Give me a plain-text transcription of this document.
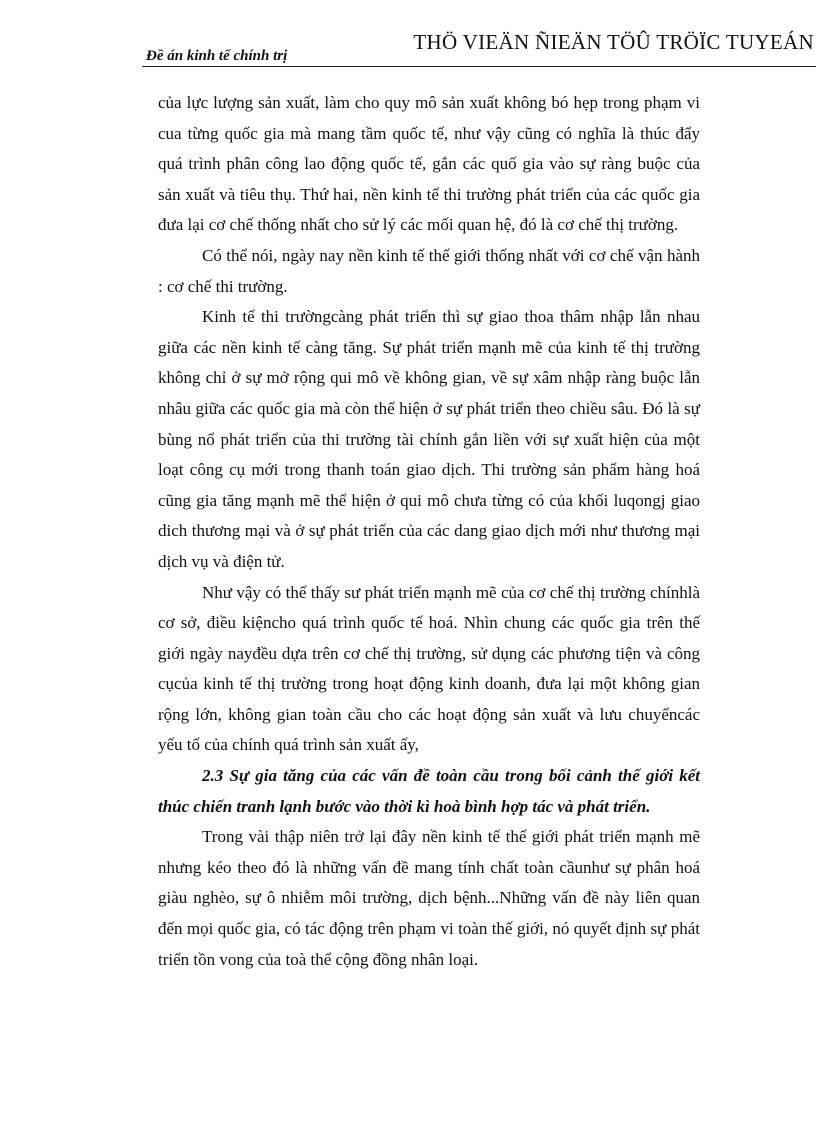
Đề án kinh tế chính trị
THÖ VIEÄN ÑIEÄN TÖÛ TRÖÏC TUYEÁN

của lực lượng sản xuất, làm cho quy mô sản xuất không bó hẹp trong phạm vi cua từng quốc gia mà mang tầm quốc tế, như vậy cũng có nghĩa là thúc đẩy quá trình phân công lao động quốc tế, gắn các quố gia vào sự ràng buộc của sản xuất và tiêu thụ. Thứ hai, nền kinh tế thi trường phát triển của các quốc gia đưa lại cơ chế thống nhất cho sử lý các mối quan hệ, đó là cơ chế thị trường.

Có thể nói, ngày nay nền kinh tế thế giới thống nhất với cơ chế vận hành : cơ chế thi trường.

Kinh tế thi trườngcàng phát triển thì sự giao thoa thâm nhập lẫn nhau giữa các nền kinh tế càng tăng. Sự phát triển mạnh mẽ của kinh tế thị trường không chỉ ở sự mở rộng qui mô về không gian, về sự xâm nhập ràng buộc lẫn nhâu giữa các quốc gia mà còn thể hiện ở sự phát triển theo chiều sâu. Đó là sự bùng nổ phát triển của thi trường tài chính gắn liền với sự xuất hiện của một loạt công cụ mới trong thanh toán giao dịch. Thi trường sản phẩm hàng hoá cũng gia tăng mạnh mẽ thể hiện ở qui mô chưa từng có của khối luqongj giao dich thương mại và ở sự phát triển của các dang giao dịch mới như thương mại dịch vụ và điện tử.

Như vậy có thể thấy sư phát triển mạnh mẽ của cơ chế thị trường chínhlà cơ sở, điều kiệncho quá trình quốc tế hoá. Nhìn chung các quốc gia trên thế giới ngày nayđều dựa trên cơ chế thị trường, sử dụng các phương tiện và công cụcủa kinh tế thị trường trong hoạt động kinh doanh, đưa lại một không gian rộng lớn, không gian toàn cầu cho các hoạt động sản xuất và lưu chuyểncác yếu tố của chính quá trình sản xuất ấy,

2.3 Sự gia tăng của các vấn đề toàn cầu trong bối cảnh thế giới kết thúc chiến tranh lạnh bước vào thời kì hoà bình hợp tác và phát triển.

Trong vài thập niên trở lại đây nền kinh tế thế giới phát triển mạnh mẽ nhưng kéo theo đó là những vấn đề mang tính chất toàn cầunhư sự phân hoá giàu nghèo, sự ô nhiễm môi trường, dịch bệnh...Những vấn đề này liên quan đến mọi quốc gia, có tác động trên phạm vi toàn thế giới, nó quyết định sự phát triển tồn vong của toà thể cộng đồng nhân loại.
